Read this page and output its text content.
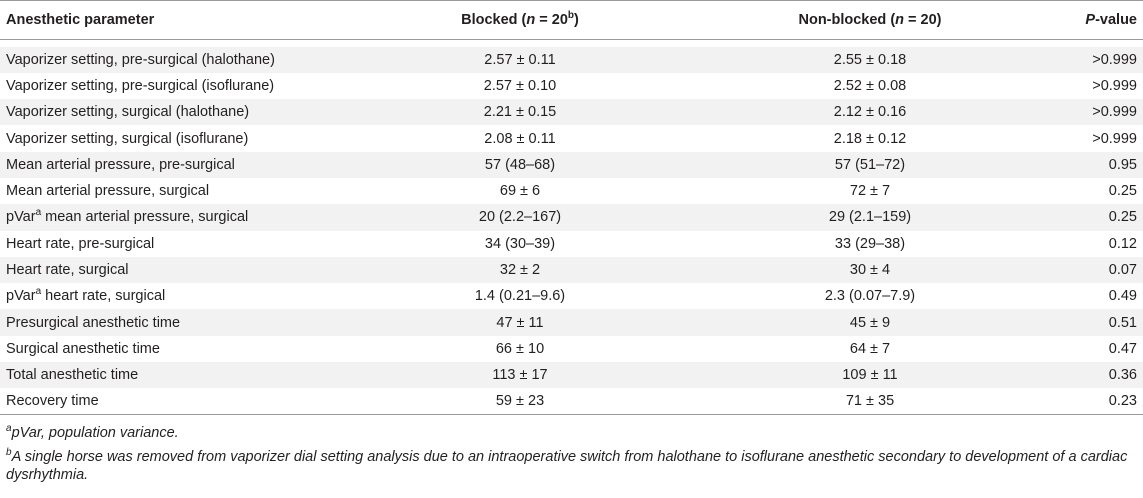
Anesthetic parameter	Blocked $(n = 20^b)$	Non-blocked (n = 20)	P-value

Vaporizer setting, pre-surgical (halothane)	2.57 ± 0.11	2.55 ± 0.18	>0.999
Vaporizer setting, pre-surgical (isoflurane)	2.57 ± 0.10	2.52 ± 0.08	>0.999
Vaporizer setting, surgical (halothane)	2.21 ± 0.15	2.12 ± 0.16	>0.999
Vaporizer setting, surgical (isoflurane)	2.08 ± 0.11	2.18 ± 0.12	>0.999
Mean arterial pressure, pre-surgical	57 (48–68)	57 (51–72)	0.95
Mean arterial pressure, surgical	69 ± 6	72 ± 7	0.25
pVar$^a$ mean arterial pressure, surgical	20 (2.2–167)	29 (2.1–159)	0.25
Heart rate, pre-surgical	34 (30–39)	33 (29–38)	0.12
Heart rate, surgical	32 ± 2	30 ± 4	0.07
pVar$^a$ heart rate, surgical	1.4 (0.21–9.6)	2.3 (0.07–7.9)	0.49
Presurgical anesthetic time	47 ± 11	45 ± 9	0.51
Surgical anesthetic time	66 ± 10	64 ± 7	0.47
Total anesthetic time	113 ± 17	109 ± 11	0.36
Recovery time	59 ± 23	71 ± 35	0.23
$^a$pVar, population variance.
$^b$A single horse was removed from vaporizer dial setting analysis due to an intraoperative switch from halothane to isoflurane anesthetic secondary to development of a cardiac dysrhythmia.
